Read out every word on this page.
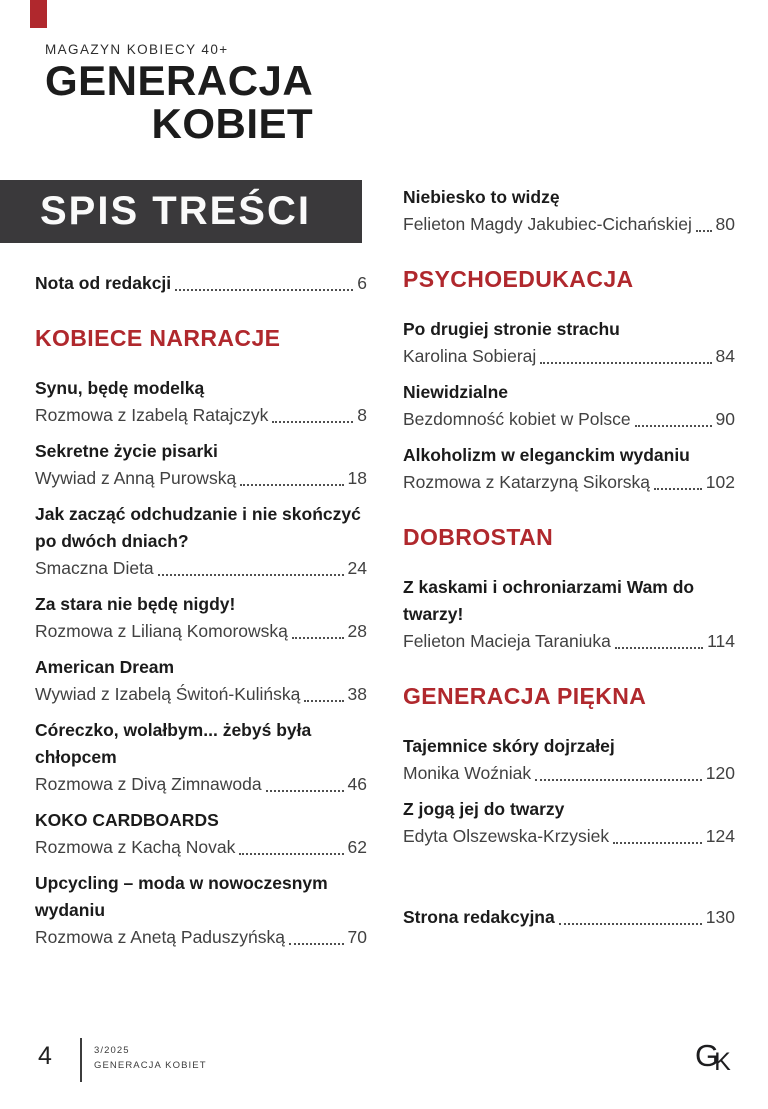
MAGAZYN KOBIECY 40+
GENERACJA
KOBIET
SPIS TREŚCI
Nota od redakcji	6
KOBIECE NARRACJE
Synu, będę modelką
Rozmowa z Izabelą Ratajczyk	8
Sekretne życie pisarki
Wywiad z Anną Purowską	18
Jak zacząć odchudzanie i nie skończyć po dwóch dniach?
Smaczna Dieta	24
Za stara nie będę nigdy!
Rozmowa z Lilianą Komorowską	28
American Dream
Wywiad z Izabelą Świtoń-Kulińską	38
Córeczko, wolałbym... żebyś była chłopcem
Rozmowa z Divą Zimnawoda	46
KOKO CARDBOARDS
Rozmowa z Kachą Novak	62
Upcycling – moda w nowoczesnym wydaniu
Rozmowa z Anetą Paduszyńską	70
Niebiesko to widzę
Felieton Magdy Jakubiec-Cichańskiej 80
PSYCHOEDUKACJA
Po drugiej stronie strachu
Karolina Sobieraj	84
Niewidzialne
Bezdomność kobiet w Polsce	90
Alkoholizm w eleganckim wydaniu
Rozmowa z Katarzyną Sikorską	102
DOBROSTAN
Z kaskami i ochroniarzami Wam do twarzy!
Felieton Macieja Taraniuka	114
GENERACJA PIĘKNA
Tajemnice skóry dojrzałej
Monika Woźniak	120
Z jogą jej do twarzy
Edyta Olszewska-Krzysiek	124
Strona redakcyjna	130
4	3/2025
GENERACJA KOBIET	GK
